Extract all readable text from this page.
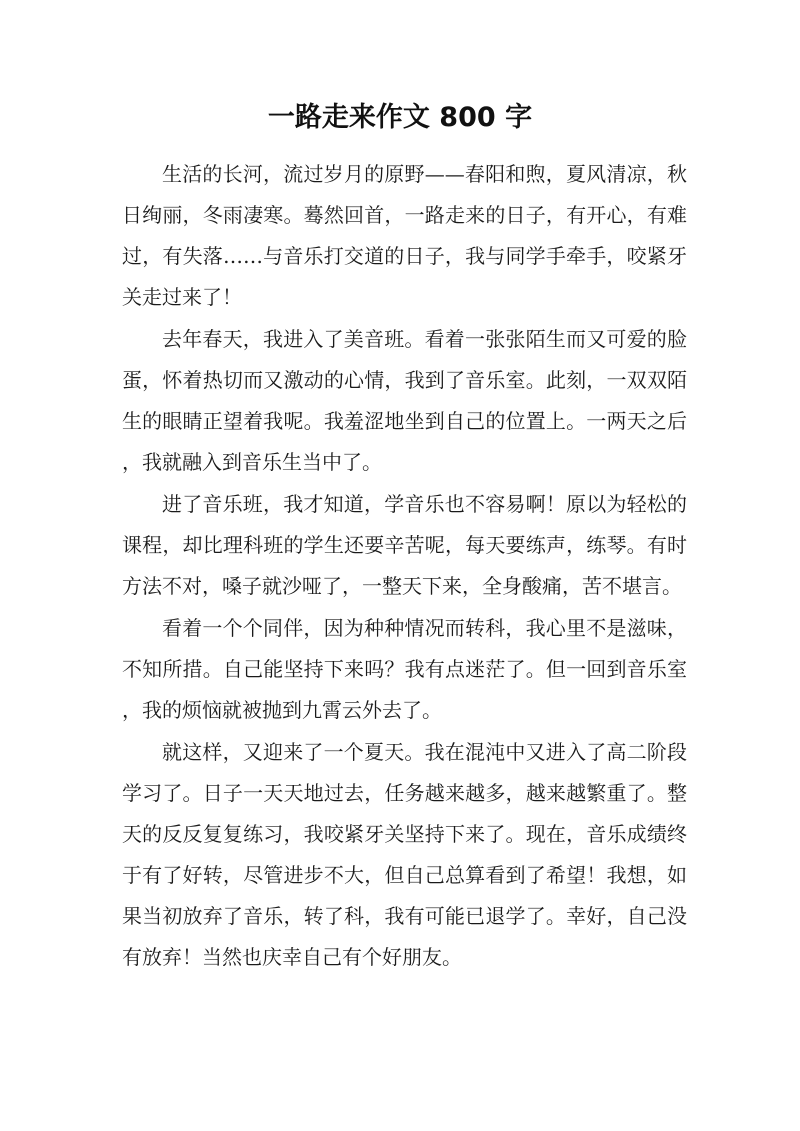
一路走来作文 800 字

生活的长河，流过岁月的原野——春阳和煦，夏风清凉，秋日绚丽，冬雨凄寒。蓦然回首，一路走来的日子，有开心，有难过，有失落……与音乐打交道的日子，我与同学手牵手，咬紧牙关走过来了！

去年春天，我进入了美音班。看着一张张陌生而又可爱的脸蛋，怀着热切而又激动的心情，我到了音乐室。此刻，一双双陌生的眼睛正望着我呢。我羞涩地坐到自己的位置上。一两天之后，我就融入到音乐生当中了。

进了音乐班，我才知道，学音乐也不容易啊！原以为轻松的课程，却比理科班的学生还要辛苦呢，每天要练声，练琴。有时方法不对，嗓子就沙哑了，一整天下来，全身酸痛，苦不堪言。

看着一个个同伴，因为种种情况而转科，我心里不是滋味，不知所措。自己能坚持下来吗？我有点迷茫了。但一回到音乐室，我的烦恼就被抛到九霄云外去了。

就这样，又迎来了一个夏天。我在混沌中又进入了高二阶段学习了。日子一天天地过去，任务越来越多，越来越繁重了。整天的反反复复练习，我咬紧牙关坚持下来了。现在，音乐成绩终于有了好转，尽管进步不大，但自己总算看到了希望！我想，如果当初放弃了音乐，转了科，我有可能已退学了。幸好，自己没有放弃！当然也庆幸自己有个好朋友。
